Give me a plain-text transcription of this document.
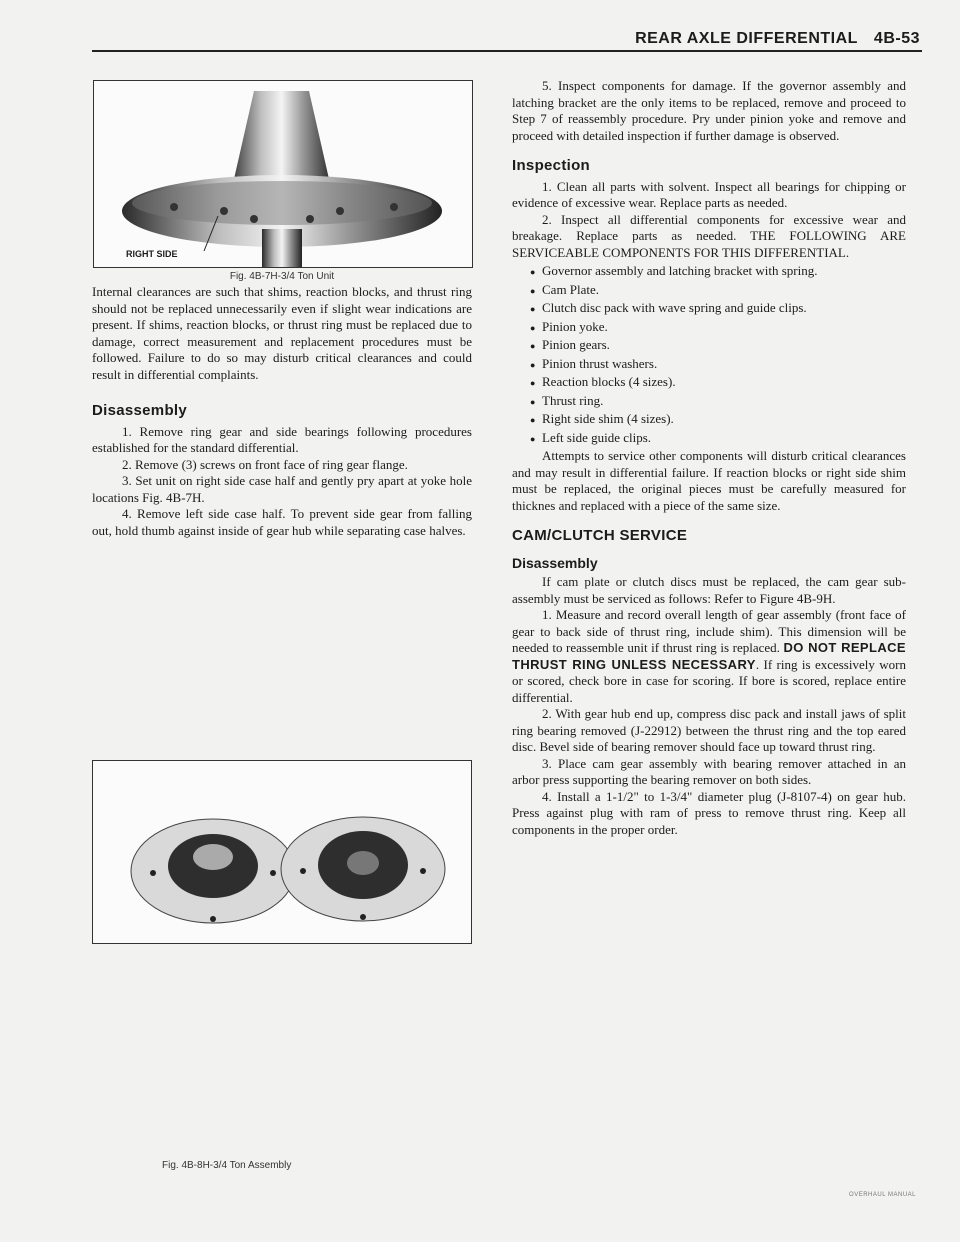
REAR AXLE DIFFERENTIAL 4B-53
RIGHT SIDE
Fig. 4B-7H-3/4 Ton Unit

Internal clearances are such that shims, reaction blocks, and thrust ring should not be replaced unnecessarily even if slight wear indications are present. If shims, reaction blocks, or thrust ring must be replaced due to damage, correct measurement and replacement procedures must be followed. Failure to do so may disturb critical clearances and could result in differential complaints.

Disassembly

1. Remove ring gear and side bearings following procedures established for the standard differential.

2. Remove (3) screws on front face of ring gear flange.

3. Set unit on right side case half and gently pry apart at yoke hole locations Fig. 4B-7H.

4. Remove left side case half. To prevent side gear from falling out, hold thumb against inside of gear hub while separating case halves.

Fig. 4B-8H-3/4 Ton Assembly

5. Inspect components for damage. If the governor assembly and latching bracket are the only items to be replaced, remove and proceed to Step 7 of reassembly procedure. Pry under pinion yoke and remove and proceed with detailed inspection if further damage is observed.

Inspection

1. Clean all parts with solvent. Inspect all bearings for chipping or evidence of excessive wear. Replace parts as needed.

2. Inspect all differential components for excessive wear and breakage. Replace parts as needed. THE FOLLOWING ARE SERVICEABLE COMPONENTS FOR THIS DIFFERENTIAL.

● Governor assembly and latching bracket with spring.
● Cam Plate.
● Clutch disc pack with wave spring and guide clips.
● Pinion yoke.
● Pinion gears.
● Pinion thrust washers.
● Reaction blocks (4 sizes).
● Thrust ring.
● Right side shim (4 sizes).
● Left side guide clips.

Attempts to service other components will disturb critical clearances and may result in differential failure. If reaction blocks or right side shim must be replaced, the original pieces must be carefully measured for thicknes and replaced with a piece of the same size.

CAM/CLUTCH SERVICE
Disassembly

If cam plate or clutch discs must be replaced, the cam gear sub-assembly must be serviced as follows: Refer to Figure 4B-9H.

1. Measure and record overall length of gear assembly (front face of gear to back side of thrust ring, include shim). This dimension will be needed to reassemble unit if thrust ring is replaced. DO NOT REPLACE THRUST RING UNLESS NECESSARY. If ring is excessively worn or scored, check bore in case for scoring. If bore is scored, replace entire differential.

2. With gear hub end up, compress disc pack and install jaws of split ring bearing removed (J-22912) between the thrust ring and the top eared disc. Bevel side of bearing remover should face up toward thrust ring.

3. Place cam gear assembly with bearing remover attached in an arbor press supporting the bearing remover on both sides.

4. Install a 1-1/2" to 1-3/4" diameter plug (J-8107-4) on gear hub. Press against plug with ram of press to remove thrust ring. Keep all components in the proper order.

OVERHAUL MANUAL
